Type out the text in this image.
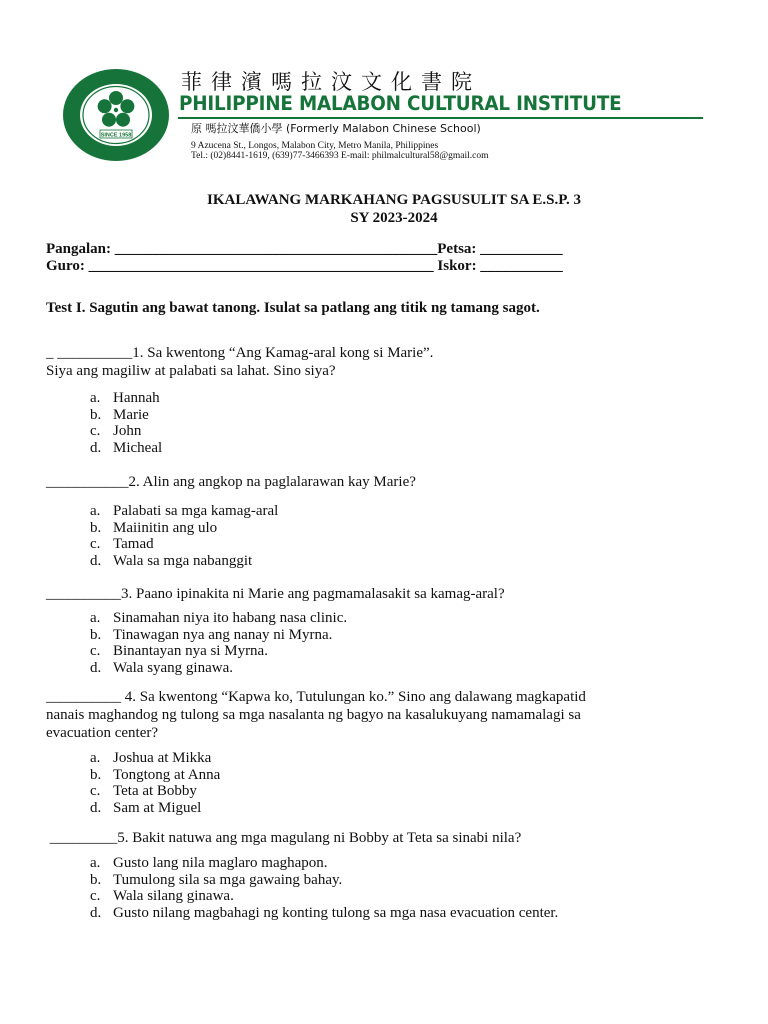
SINCE 1958
菲律濱嗎拉汶文化書院
PHILIPPINE MALABON CULTURAL INSTITUTE
原 嗎拉汶華僑小學 (Formerly Malabon Chinese School)
9 Azucena St., Longos, Malabon City, Metro Manila, Philippines
Tel.: (02)8441-1619, (639)77-3466393 E-mail: philmalcultural58@gmail.com
IKALAWANG MARKAHANG PAGSUSULIT SA E.S.P. 3
SY 2023-2024
Pangalan: ___________________________________________Petsa: ___________
Guro: ______________________________________________ Iskor: ___________
Test I. Sagutin ang bawat tanong. Isulat sa patlang ang titik ng tamang sagot.
_ __________1. Sa kwentong “Ang Kamag-aral kong si Marie”.
Siya ang magiliw at palabati sa lahat. Sino siya?
a. Hannah
b. Marie
c. John
d. Micheal
___________2. Alin ang angkop na paglalarawan kay Marie?
a. Palabati sa mga kamag-aral
b. Maiinitin ang ulo
c. Tamad
d. Wala sa mga nabanggit
__________3. Paano ipinakita ni Marie ang pagmamalasakit sa kamag-aral?
a. Sinamahan niya ito habang nasa clinic.
b. Tinawagan nya ang nanay ni Myrna.
c. Binantayan nya si Myrna.
d. Wala syang ginawa.
__________ 4. Sa kwentong “Kapwa ko, Tutulungan ko.” Sino ang dalawang magkapatid
nanais maghandog ng tulong sa mga nasalanta ng bagyo na kasalukuyang namamalagi sa
evacuation center?
a. Joshua at Mikka
b. Tongtong at Anna
c. Teta at Bobby
d. Sam at Miguel
_________5. Bakit natuwa ang mga magulang ni Bobby at Teta sa sinabi nila?
a. Gusto lang nila maglaro maghapon.
b. Tumulong sila sa mga gawaing bahay.
c. Wala silang ginawa.
d. Gusto nilang magbahagi ng konting tulong sa mga nasa evacuation center.
